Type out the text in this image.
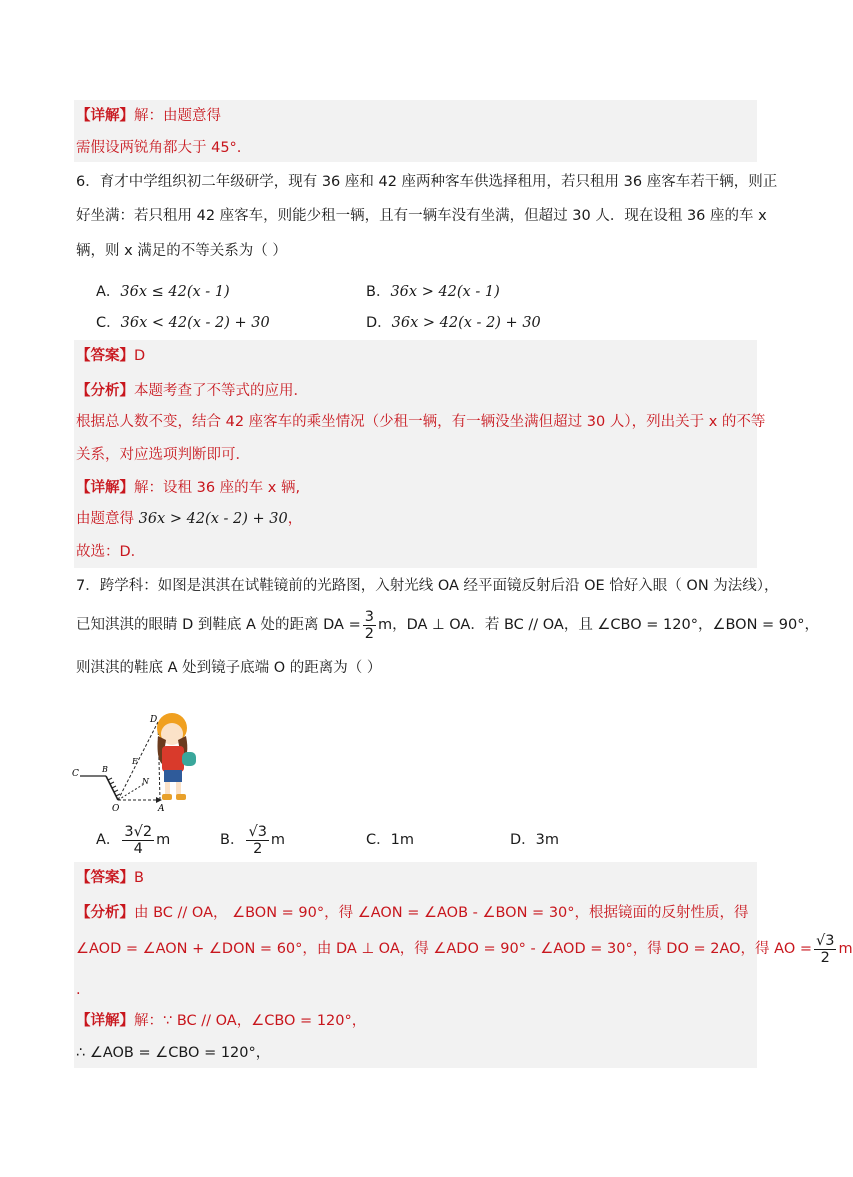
【详解】解：由题意得
需假设两锐角都大于 45°.
6．育才中学组织初二年级研学，现有 36 座和 42 座两种客车供选择租用，若只租用 36 座客车若干辆，则正
好坐满：若只租用 42 座客车，则能少租一辆，且有一辆车没有坐满，但超过 30 人．现在设租 36 座的车 x
辆，则 x 满足的不等关系为（ ）
A．36x ≤ 42(x - 1)	B．36x > 42(x - 1)
C．36x < 42(x - 2) + 30	D．36x > 42(x - 2) + 30
【答案】D
【分析】本题考查了不等式的应用．
根据总人数不变，结合 42 座客车的乘坐情况（少租一辆，有一辆没坐满但超过 30 人），列出关于 x 的不等
关系，对应选项判断即可．
【详解】解：设租 36 座的车 x 辆,
由题意得 36x > 42(x - 2) + 30，
故选：D．
7．跨学科：如图是淇淇在试鞋镜前的光路图，入射光线 OA 经平面镜反射后沿 OE 恰好入眼（ ON 为法线），
已知淇淇的眼睛 D 到鞋底 A 处的距离 DA = $\frac{3}{2}$ m，DA ⊥ OA．若 BC // OA，且 ∠CBO = 120°，∠BON = 90°，
则淇淇的鞋底 A 处到镜子底端 O 的距离为（ ）
C	B
O	A
D
E
N
A． $\frac{3√2}{4}$ m	B． $\frac{√3}{2}$ m	C．1m	D．3m
【答案】B
【分析】由 BC // OA， ∠BON = 90°，得 ∠AON = ∠AOB - ∠BON = 30°，根据镜面的反射性质，得
∠AOD = ∠AON + ∠DON = 60°，由 DA ⊥ OA，得 ∠ADO = 90° - ∠AOD = 30°，得 DO = 2AO，得 AO = $\frac{√3}{2}$ m
.
【详解】解：∵ BC // OA，∠CBO = 120°，
∴ ∠AOB = ∠CBO = 120°，
